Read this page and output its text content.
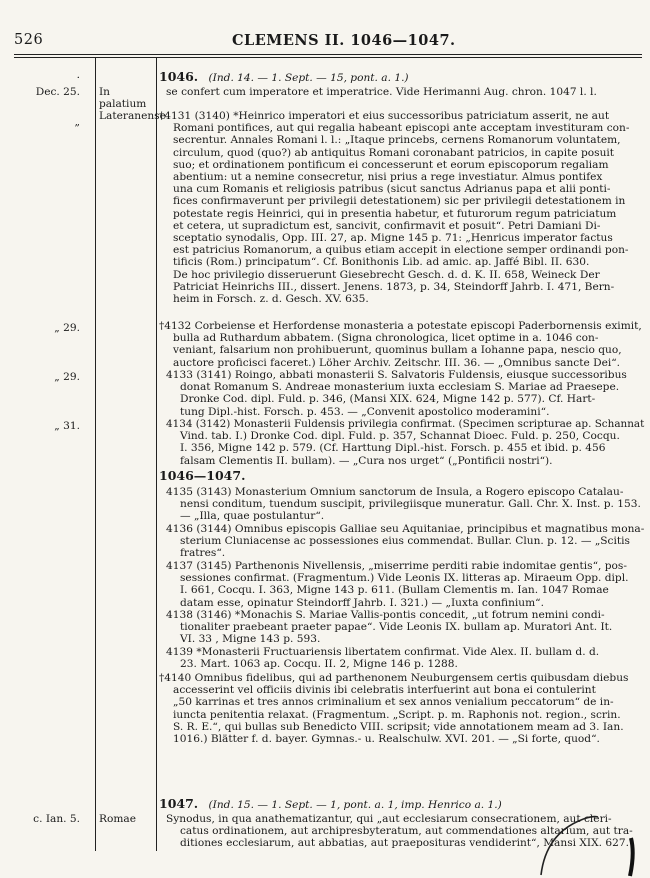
526	CLEMENS II. 1046—1047.
·
Dec. 25. In palatium Lateranense
„
„ 29.
„ 29.
„ 31.
c. Ian. 5. Romae
1046. (Ind. 14. — 1. Sept. — 15, pont. a. 1.)
se confert cum imperatore et imperatrice. Vide Herimanni Aug. chron. 1047 l. l.
†4131 (3140) *Heinrico imperatori et eius successoribus patriciatum asserit, ne aut
Romani pontifices, aut qui regalia habeant episcopi ante acceptam investituram con-
secrentur. Annales Romani l. l.: „Itaque princebs, cernens Romanorum voluntatem,
circulum, quod (quo?) ab antiquitus Romani coronabant patricios, in capite posuit
suo; et ordinationem pontificum ei concesserunt et eorum episcoporum regaliam
abentium: ut a nemine consecretur, nisi prius a rege investiatur. Almus pontifex
una cum Romanis et religiosis patribus (sicut sanctus Adrianus papa et alii ponti-
fices confirmaverunt per privilegii detestationem) sic per privilegii detestationem in
potestate regis Heinrici, qui in presentia habetur, et futurorum regum patriciatum
et cetera, ut supradictum est, sancivit, confirmavit et posuit“. Petri Damiani Di-
sceptatio synodalis, Opp. III. 27, ap. Migne 145 p. 71: „Henricus imperator factus
est patricius Romanorum, a quibus etiam accepit in electione semper ordinandi pon-
tificis (Rom.) principatum“. Cf. Bonithonis Lib. ad amic. ap. Jaffé Bibl. II. 630.
De hoc privilegio disseruerunt Giesebrecht Gesch. d. d. K. II. 658, Weineck Der
Patriciat Heinrichs III., dissert. Jenens. 1873, p. 34, Steindorff Jahrb. I. 471, Bern-
heim in Forsch. z. d. Gesch. XV. 635.
†4132 Corbeiense et Herfordense monasteria a potestate episcopi Paderbornensis eximit,
bulla ad Ruthardum abbatem. (Signa chronologica, licet optime in a. 1046 con-
veniant, falsarium non prohibuerunt, quominus bullam a Iohanne papa, nescio quo,
auctore proficisci faceret.) Löher Archiv. Zeitschr. III. 36. — „Omnibus sancte Dei“.
4133 (3141) Roingo, abbati monasterii S. Salvatoris Fuldensis, eiusque successoribus
donat Romanum S. Andreae monasterium iuxta ecclesiam S. Mariae ad Praesepe.
Dronke Cod. dipl. Fuld. p. 346, (Mansi XIX. 624, Migne 142 p. 577). Cf. Hart-
tung Dipl.-hist. Forsch. p. 453. — „Convenit apostolico moderamini“.
4134 (3142) Monasterii Fuldensis privilegia confirmat. (Specimen scripturae ap. Schannat
Vind. tab. I.) Dronke Cod. dipl. Fuld. p. 357, Schannat Dioec. Fuld. p. 250, Cocqu.
I. 356, Migne 142 p. 579. (Cf. Harttung Dipl.-hist. Forsch. p. 455 et ibid. p. 456
falsam Clementis II. bullam). — „Cura nos urget“ („Pontificii nostri“).
1046—1047.
4135 (3143) Monasterium Omnium sanctorum de Insula, a Rogero episcopo Catalau-
nensi conditum, tuendum suscipit, privilegiisque muneratur. Gall. Chr. X. Inst. p. 153.
— „Illa, quae postulantur“.
4136 (3144) Omnibus episcopis Galliae seu Aquitaniae, principibus et magnatibus mona-
sterium Cluniacense ac possessiones eius commendat. Bullar. Clun. p. 12. — „Scitis
fratres“.
4137 (3145) Parthenonis Nivellensis, „miserrime perditi rabie indomitae gentis“, pos-
sessiones confirmat. (Fragmentum.) Vide Leonis IX. litteras ap. Miraeum Opp. dipl.
I. 661, Cocqu. I. 363, Migne 143 p. 611. (Bullam Clementis m. Ian. 1047 Romae
datam esse, opinatur Steindorff Jahrb. I. 321.) — „Iuxta confinium“.
4138 (3146) *Monachis S. Mariae Vallis-pontis concedit, „ut fotrum nemini condi-
tionaliter praebeant praeter papae“. Vide Leonis IX. bullam ap. Muratori Ant. It.
VI. 33 , Migne 143 p. 593.
4139 *Monasterii Fructuariensis libertatem confirmat. Vide Alex. II. bullam d. d.
23. Mart. 1063 ap. Cocqu. II. 2, Migne 146 p. 1288.
†4140 Omnibus fidelibus, qui ad parthenonem Neuburgensem certis quibusdam diebus
accesserint vel officiis divinis ibi celebratis interfuerint aut bona ei contulerint
„50 karrinas et tres annos criminalium et sex annos venialium peccatorum“ de in-
iuncta penitentia relaxat. (Fragmentum. „Script. p. m. Raphonis not. region., scrin.
S. R. E.“, qui bullas sub Benedicto VIII. scripsit; vide annotationem meam ad 3. Ian.
1016.) Blätter f. d. bayer. Gymnas.- u. Realschulw. XVI. 201. — „Si forte, quod“.
1047. (Ind. 15. — 1. Sept. — 1, pont. a. 1, imp. Henrico a. 1.)
Synodus, in qua anathematizantur, qui „aut ecclesiarum consecrationem, aut cleri-
catus ordinationem, aut archipresbyteratum, aut commendationes altarium, aut tra-
ditiones ecclesiarum, aut abbatias, aut praeposituras vendiderint“, Mansi XIX. 627.
